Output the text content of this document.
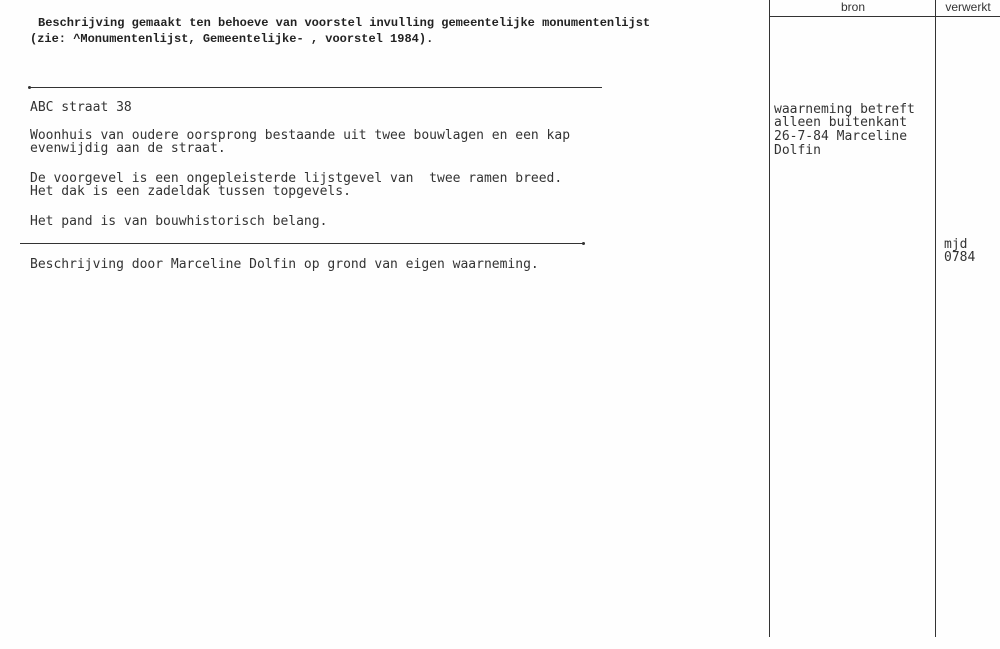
Beschrijving gemaakt ten behoeve van voorstel invulling gemeentelijke monumentenlijst
(zie: ^Monumentenlijst, Gemeentelijke- , voorstel 1984).
bron	verwerkt
ABC straat 38
Woonhuis van oudere oorsprong bestaande uit twee bouwlagen en een kap
evenwijdig aan de straat.
De voorgevel is een ongepleisterde lijstgevel van  twee ramen breed.
Het dak is een zadeldak tussen topgevels.
Het pand is van bouwhistorisch belang.
Beschrijving door Marceline Dolfin op grond van eigen waarneming.
waarneming betreft
alleen buitenkant
26-7-84 Marceline
Dolfin
mjd
0784
